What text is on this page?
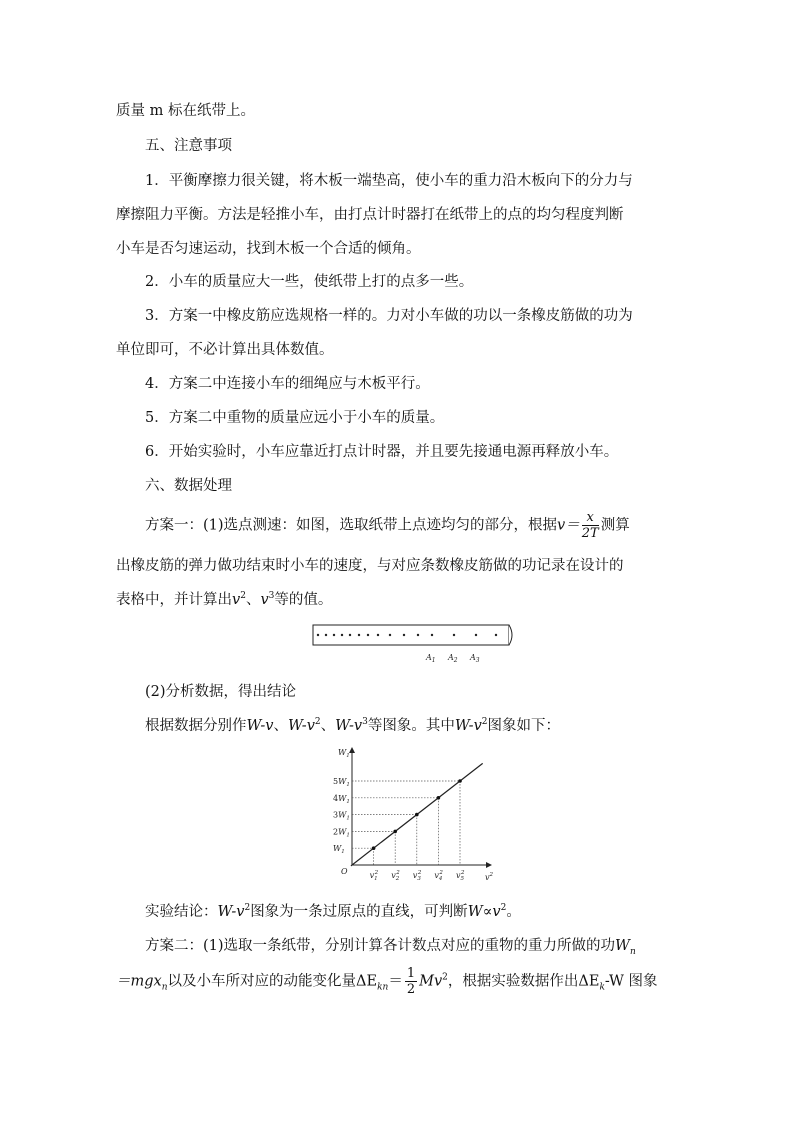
质量 m 标在纸带上。
五、注意事项
1．平衡摩擦力很关键，将木板一端垫高，使小车的重力沿木板向下的分力与
摩擦阻力平衡。方法是轻推小车，由打点计时器打在纸带上的点的均匀程度判断
小车是否匀速运动，找到木板一个合适的倾角。
2．小车的质量应大一些，使纸带上打的点多一些。
3．方案一中橡皮筋应选规格一样的。力对小车做的功以一条橡皮筋做的功为
单位即可，不必计算出具体数值。
4．方案二中连接小车的细绳应与木板平行。
5．方案二中重物的质量应远小于小车的质量。
6．开始实验时，小车应靠近打点计时器，并且要先接通电源再释放小车。
六、数据处理
方案一：(1)选点测速：如图，选取纸带上点迹均匀的部分，根据$v= \frac{x}{2T}$ 测算
出橡皮筋的弹力做功结束时小车的速度，与对应条数橡皮筋做的功记录在设计的
表格中，并计算出$v^2$、$v^3$等的值。
$A_1$ $A_2$ $A_3$
(2)分析数据，得出结论
根据数据分别作W-v、$W-v^2$、$W-v^3$等图象。其中$W-v^2$图象如下：
$W_1$
$2W_1$
$3W_1$
$4W_1$
$5W_1$
$v_12$ $v_22$ $v_32$ $v_42$ $v_52$
$W_1$
$v^2$
O
实验结论：$W-v^2$图象为一条过原点的直线，可判断$W\propto v^2$。
方案二：(1)选取一条纸带，分别计算各计数点对应的重物的重力所做的功$W_n$
＝mgx$_n$以及小车所对应的动能变化量$\Delta E_{kn}= \frac{1}{2} Mv^2$，根据实验数据作出$\Delta E_k-W$ 图象
